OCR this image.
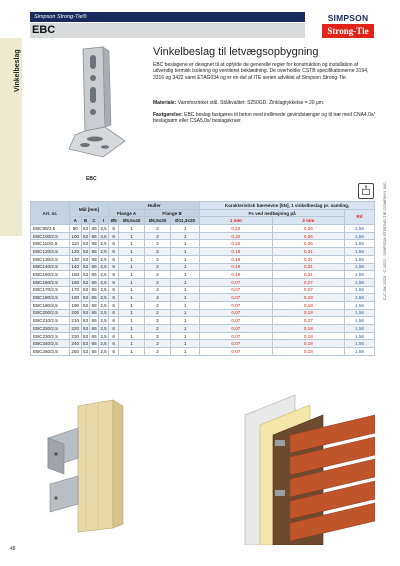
Simpson Strong-Tie®
EBC
SIMPSON
Strong-Tie
Vinkelbeslag
EBC
Vinkelbeslag til letvægsopbygning

EBC beslagene er designet til at opfylde de generelle regler for konstruktion og installation af udvendig termisk isolering og ventileret beklædning. De overholder CSTB specifikationerne 3194, 3316 og 3422 samt ETAG034 og er en del af ITE serien udviklet af Simpson Strong-Tie.

Materiale: Varmforzinket stål. Stålkvalitet: S250GD. Zinklagtykkelse = 20 µm.

Fastgørelse: EBC beslag fastgøres til beton med indlimede gevindstænger og til træ med CNA4,0x/ beslagsøm eller CSA5,0x/ beslagskruer.

Art. nr.	Mål [mm]				Huller				Karakteristisk bæreevne [kN], 1 vinkelbeslag pr. samling,		
					Flange A		Flange B		Fs ved nedbøjning på		Rd
	A	B	C	t	Ø5	Ø6,5x40	Ø6,5x20	Ø11,3x20	1 mm	3 mm	
EBC90/2,5	90	53	65	2,5	6	1	2	1	0,22	0,36	1,56
EBC100/2,5	100	53	65	2,5	6	1	2	1	0,22	0,36	1,56
EBC110/2,5	110	53	65	2,5	6	1	2	1	0,22	0,36	1,56
EBC120/2,5	120	53	65	2,5	6	1	2	1	0,19	0,31	1,56
EBC130/2,5	130	53	65	2,5	6	1	2	1	0,19	0,31	1,56
EBC140/2,5	140	53	65	2,5	6	1	2	1	0,19	0,31	1,56
EBC150/2,5	150	53	65	2,5	6	1	2	1	0,19	0,31	1,56
EBC160/2,5	160	53	65	2,5	6	1	2	1	0,07	0,27	1,56
EBC170/2,5	170	53	65	2,5	6	1	2	1	0,07	0,27	1,56
EBC180/2,5	180	53	65	2,5	6	1	2	1	0,07	0,18	1,56
EBC190/2,5	190	53	65	2,5	6	1	2	1	0,07	0,18	1,56
EBC200/2,5	200	53	65	2,5	6	1	2	1	0,07	0,18	1,56
EBC210/2,5	210	53	65	2,5	6	1	2	1	0,07	0,27	1,56
EBC220/2,5	220	53	65	2,5	6	1	2	1	0,07	0,18	1,56
EBC230/2,5	230	53	65	2,5	6	1	2	1	0,07	0,18	1,56
EBC240/2,5	240	53	65	2,5	6	1	2	1	0,07	0,18	1,56
EBC250/2,5	250	53	65	2,5	6	1	2	1	0,07	0,18	1,56
C-C-DK-2023 · © 2022 · SIMPSON STRONG-TIE COMPANY INC.
48
